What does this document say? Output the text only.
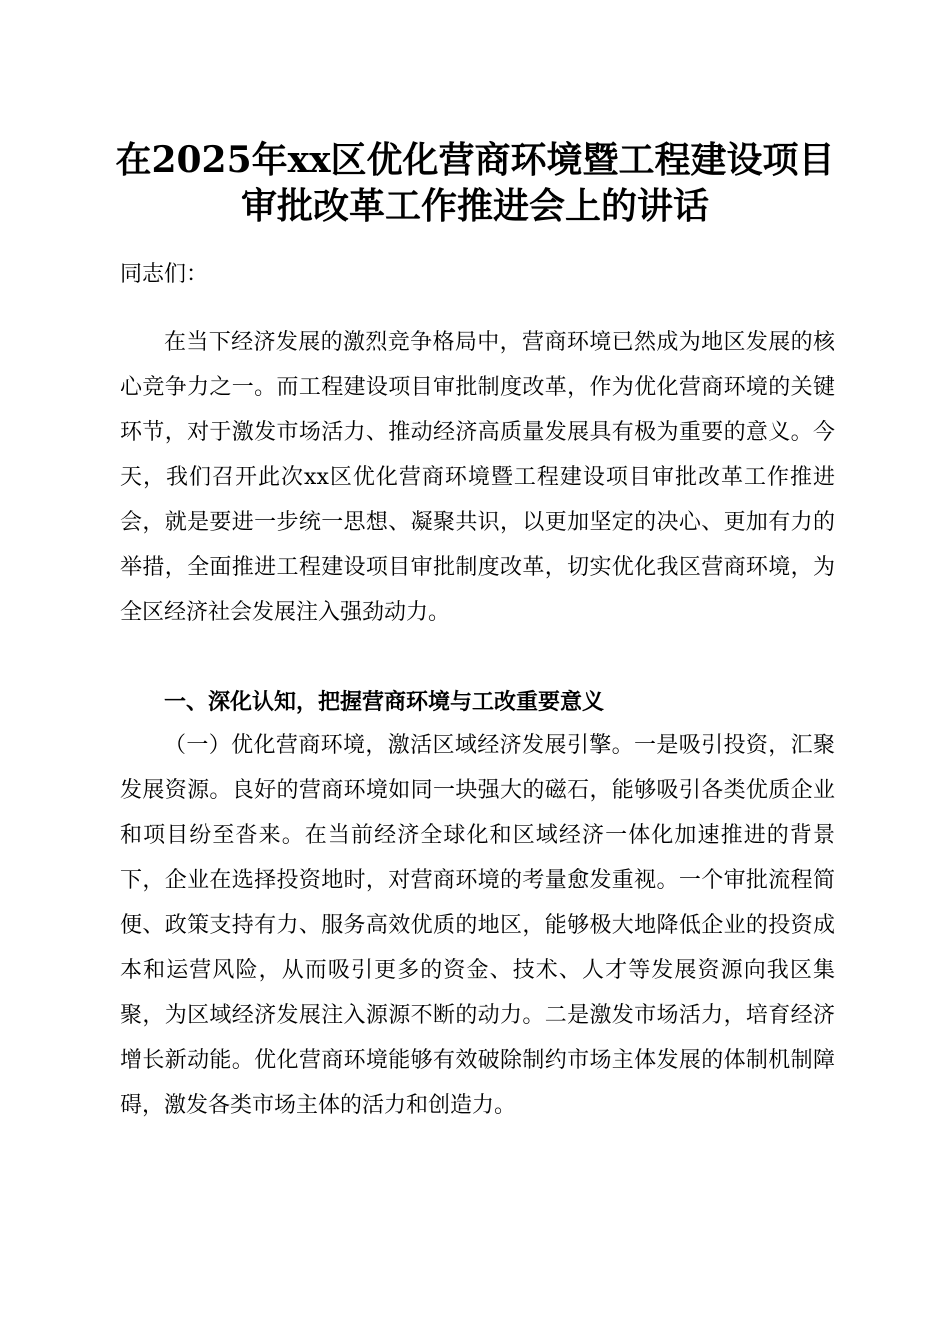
在2025年xx区优化营商环境暨工程建设项目
审批改革工作推进会上的讲话

同志们：

在当下经济发展的激烈竞争格局中，营商环境已然成为地区发展的核心竞争力之一。而工程建设项目审批制度改革，作为优化营商环境的关键环节，对于激发市场活力、推动经济高质量发展具有极为重要的意义。今天，我们召开此次xx区优化营商环境暨工程建设项目审批改革工作推进会，就是要进一步统一思想、凝聚共识，以更加坚定的决心、更加有力的举措，全面推进工程建设项目审批制度改革，切实优化我区营商环境，为全区经济社会发展注入强劲动力。

一、深化认知，把握营商环境与工改重要意义

（一）优化营商环境，激活区域经济发展引擎。一是吸引投资，汇聚发展资源。良好的营商环境如同一块强大的磁石，能够吸引各类优质企业和项目纷至沓来。在当前经济全球化和区域经济一体化加速推进的背景下，企业在选择投资地时，对营商环境的考量愈发重视。一个审批流程简便、政策支持有力、服务高效优质的地区，能够极大地降低企业的投资成本和运营风险，从而吸引更多的资金、技术、人才等发展资源向我区集聚，为区域经济发展注入源源不断的动力。二是激发市场活力，培育经济增长新动能。优化营商环境能够有效破除制约市场主体发展的体制机制障碍，激发各类市场主体的活力和创造力。
